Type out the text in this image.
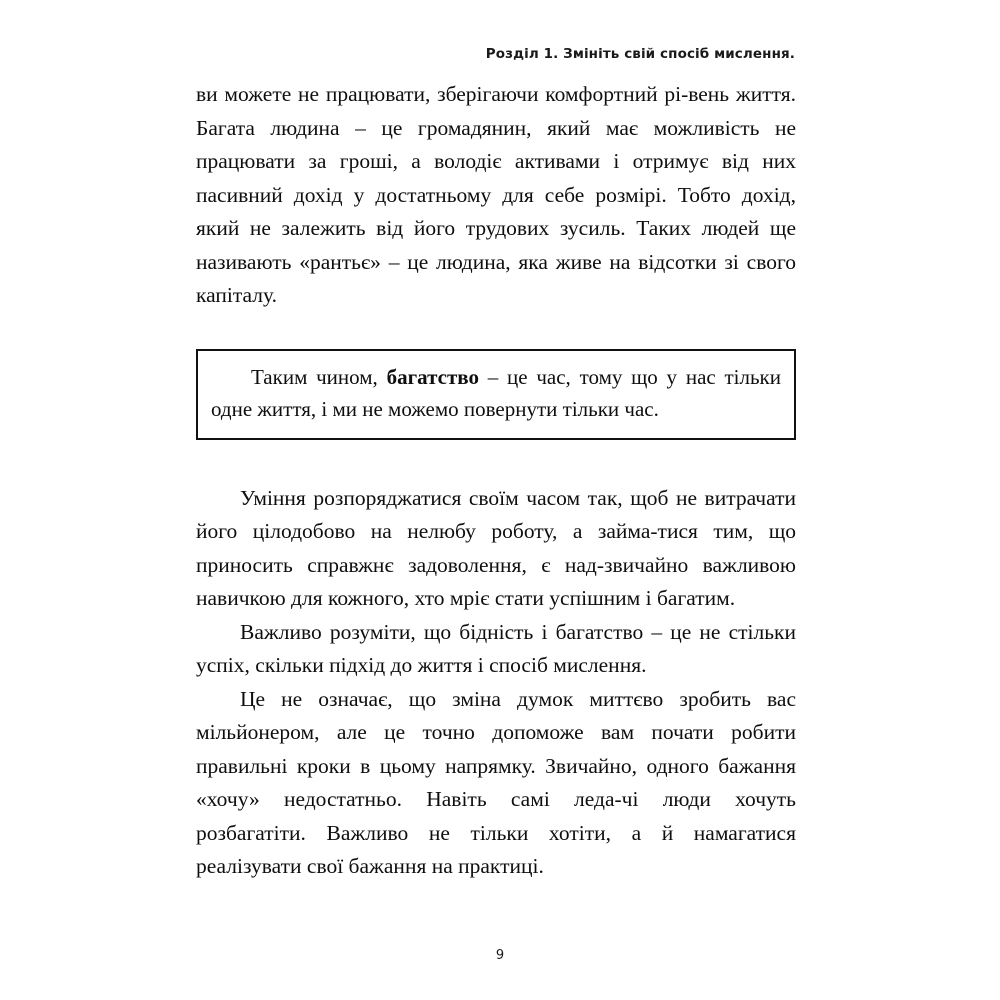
Розділ 1. Змініть свій спосіб мислення.

ви можете не працювати, зберігаючи комфортний рі-вень життя. Багата людина – це громадянин, який має можливість не працювати за гроші, а володіє активами і отримує від них пасивний дохід у достатньому для себе розмірі. Тобто дохід, який не залежить від його трудових зусиль. Таких людей ще називають «рантьє» – це людина, яка живе на відсотки зі свого капіталу.

Таким чином, багатство – це час, тому що у нас тільки одне життя, і ми не можемо повернути тільки час.

Уміння розпоряджатися своїм часом так, щоб не витрачати його цілодобово на нелюбу роботу, а займа-тися тим, що приносить справжнє задоволення, є над-звичайно важливою навичкою для кожного, хто мріє стати успішним і багатим.

Важливо розуміти, що бідність і багатство – це не стільки успіх, скільки підхід до життя і спосіб мислення.

Це не означає, що зміна думок миттєво зробить вас мільйонером, але це точно допоможе вам почати робити правильні кроки в цьому напрямку. Звичайно, одного бажання «хочу» недостатньо. Навіть самі леда-чі люди хочуть розбагатіти. Важливо не тільки хотіти, а й намагатися реалізувати свої бажання на практиці.

9
